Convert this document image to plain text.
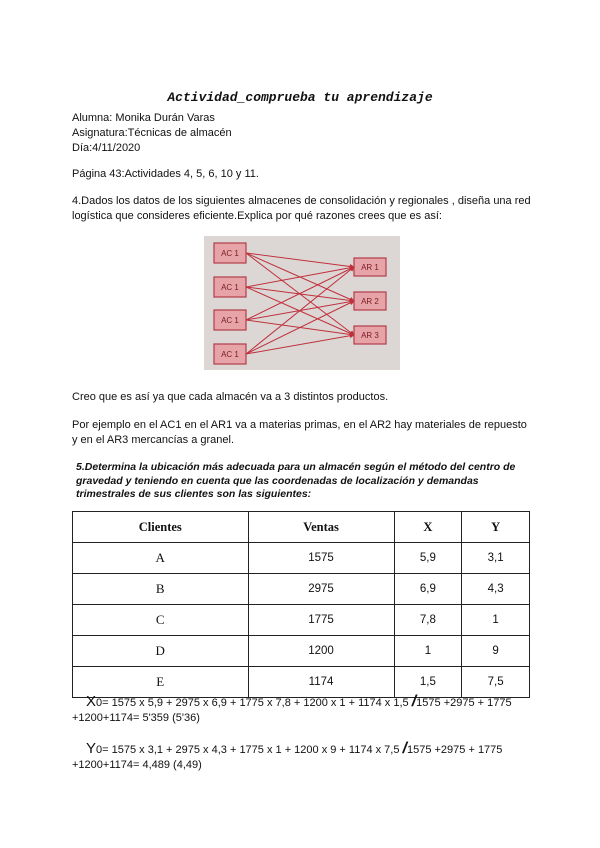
Actividad_comprueba tu aprendizaje
Alumna: Monika Durán Varas
Asignatura:Técnicas de almacén
Día:4/11/2020
Página 43:Actividades 4, 5, 6, 10 y 11.
4.Dados los datos de los siguientes almacenes de consolidación y regionales , diseña una red logística que consideres eficiente.Explica por qué razones crees que es así:
AC 1
AC 1
AC 1
AC 1
AR 1
AR 2
AR 3
Creo que es así ya que cada almacén va a 3 distintos productos.
Por ejemplo en el AC1 en el AR1 va a materias primas, en el AR2 hay materiales de repuesto y en el AR3 mercancías a granel.
5.Determina la ubicación más adecuada para un almacén según el método del centro de gravedad y teniendo en cuenta que las coordenadas de localización y demandas trimestrales de sus clientes son las siguientes:
Clientes	Ventas	X	Y
A	1575	5,9	3,1
B	2975	6,9	4,3
C	1775	7,8	1
D	1200	1	9
E	1174	1,5	7,5
X0= 1575 x 5,9 + 2975 x 6,9 + 1775 x 7,8 + 1200 x 1 + 1174 x 1,5 /1575 +2975 + 1775 +1200+1174= 5'359 (5'36)
Y0= 1575 x 3,1 + 2975 x 4,3 + 1775 x 1 + 1200 x 9 + 1174 x 7,5 /1575 +2975 + 1775 +1200+1174= 4,489 (4,49)
